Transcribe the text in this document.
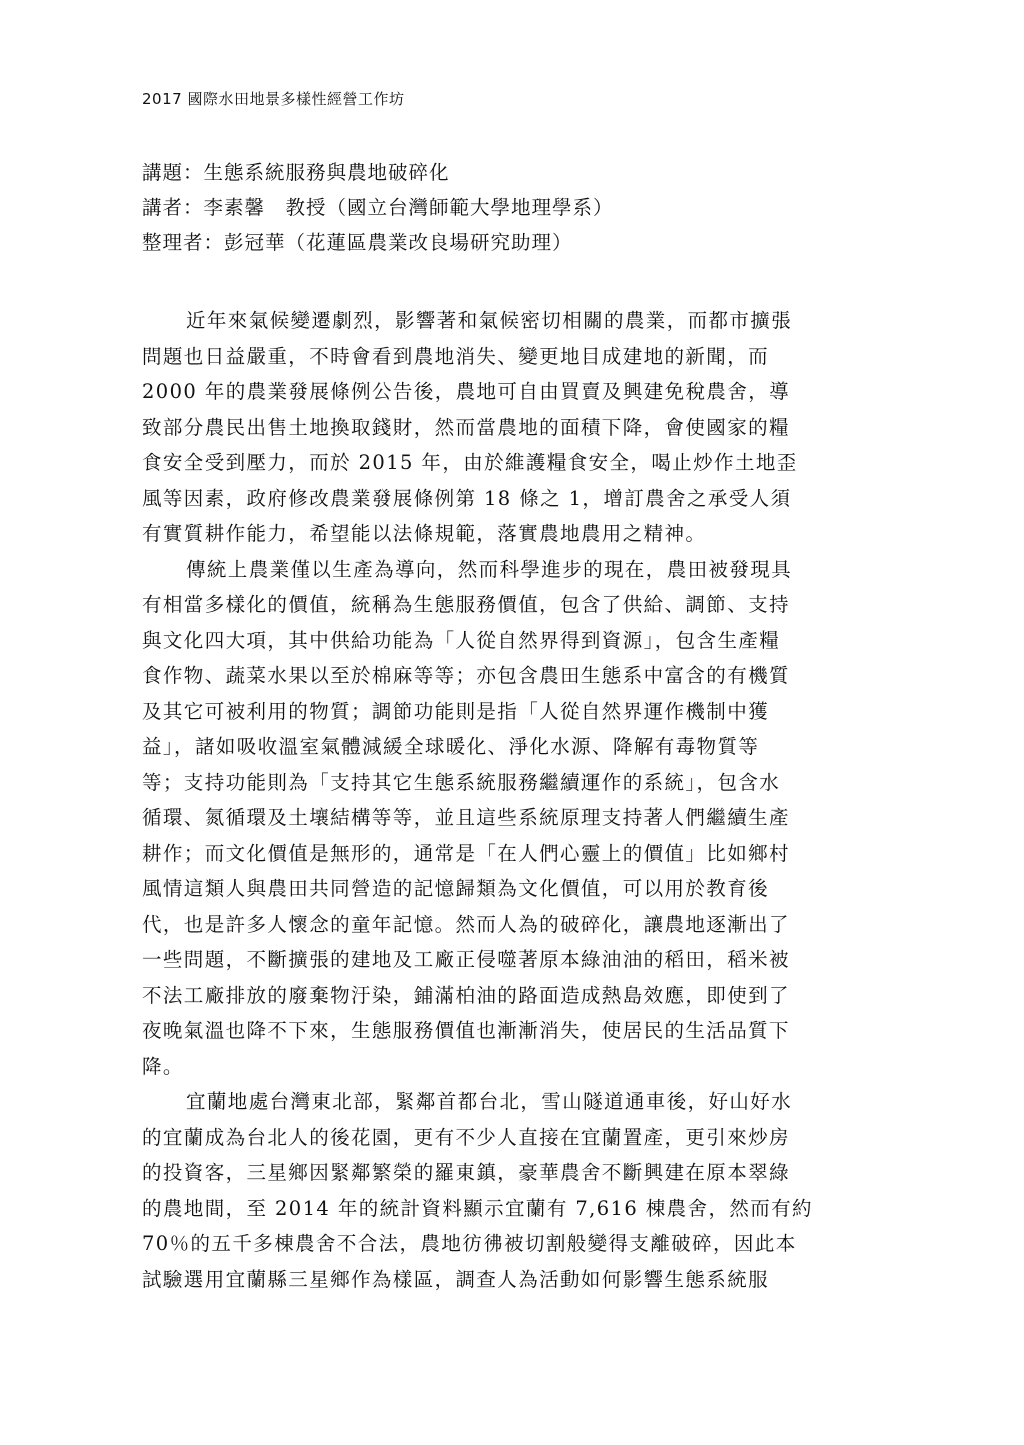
2017 國際水田地景多樣性經營工作坊
講題：生態系統服務與農地破碎化
講者：李素馨　教授（國立台灣師範大學地理學系）
整理者：彭冠華（花蓮區農業改良場研究助理）
近年來氣候變遷劇烈，影響著和氣候密切相關的農業，而都市擴張
問題也日益嚴重，不時會看到農地消失、變更地目成建地的新聞，而
2000 年的農業發展條例公告後，農地可自由買賣及興建免稅農舍，導
致部分農民出售土地換取錢財，然而當農地的面積下降，會使國家的糧
食安全受到壓力，而於 2015 年，由於維護糧食安全，喝止炒作土地歪
風等因素，政府修改農業發展條例第 18 條之 1，增訂農舍之承受人須
有實質耕作能力，希望能以法條規範，落實農地農用之精神。
傳統上農業僅以生產為導向，然而科學進步的現在，農田被發現具
有相當多樣化的價值，統稱為生態服務價值，包含了供給、調節、支持
與文化四大項，其中供給功能為「人從自然界得到資源」，包含生產糧
食作物、蔬菜水果以至於棉麻等等；亦包含農田生態系中富含的有機質
及其它可被利用的物質；調節功能則是指「人從自然界運作機制中獲
益」，諸如吸收溫室氣體減緩全球暖化、淨化水源、降解有毒物質等
等；支持功能則為「支持其它生態系統服務繼續運作的系統」，包含水
循環、氮循環及土壤結構等等，並且這些系統原理支持著人們繼續生產
耕作；而文化價值是無形的，通常是「在人們心靈上的價值」比如鄉村
風情這類人與農田共同營造的記憶歸類為文化價值，可以用於教育後
代，也是許多人懷念的童年記憶。然而人為的破碎化，讓農地逐漸出了
一些問題，不斷擴張的建地及工廠正侵噬著原本綠油油的稻田，稻米被
不法工廠排放的廢棄物汙染，鋪滿柏油的路面造成熱島效應，即使到了
夜晚氣溫也降不下來，生態服務價值也漸漸消失，使居民的生活品質下
降。
宜蘭地處台灣東北部，緊鄰首都台北，雪山隧道通車後，好山好水
的宜蘭成為台北人的後花園，更有不少人直接在宜蘭置產，更引來炒房
的投資客，三星鄉因緊鄰繁榮的羅東鎮，豪華農舍不斷興建在原本翠綠
的農地間，至 2014 年的統計資料顯示宜蘭有 7,616 棟農舍，然而有約
70％的五千多棟農舍不合法，農地彷彿被切割般變得支離破碎，因此本
試驗選用宜蘭縣三星鄉作為樣區，調查人為活動如何影響生態系統服
